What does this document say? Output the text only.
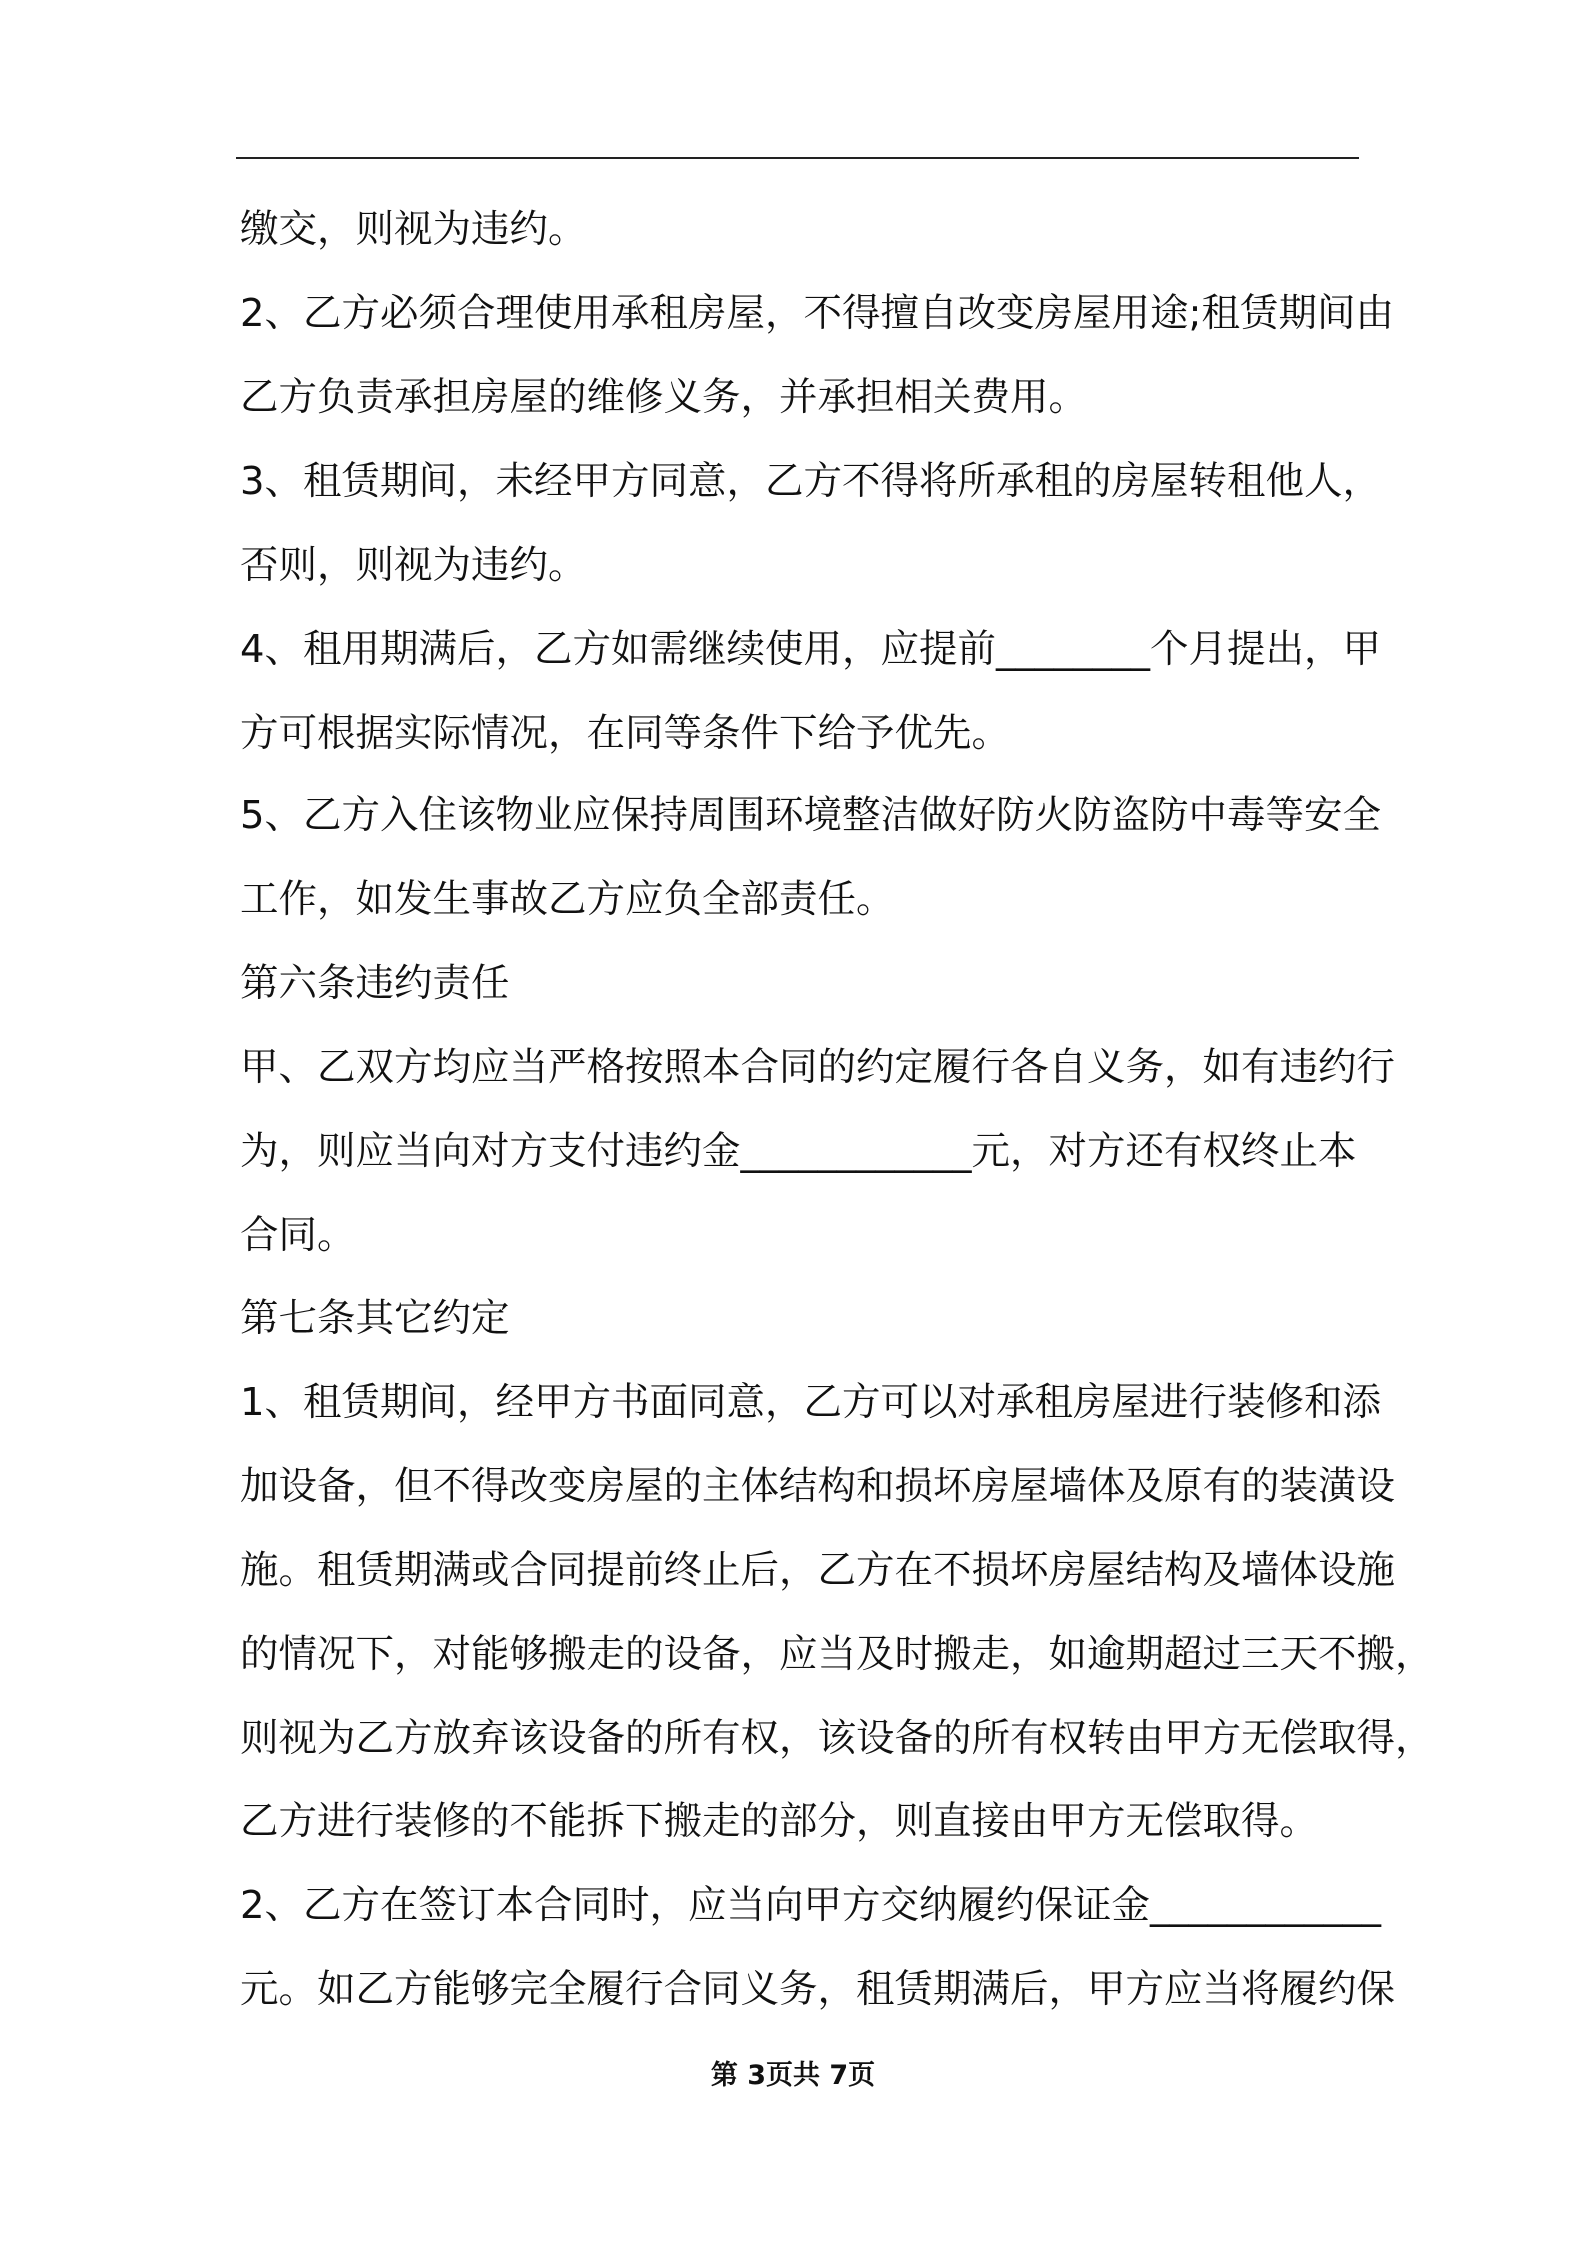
缴交，则视为违约。
2、乙方必须合理使用承租房屋，不得擅自改变房屋用途;租赁期间由
乙方负责承担房屋的维修义务，并承担相关费用。
3、租赁期间，未经甲方同意，乙方不得将所承租的房屋转租他人，
否则，则视为违约。
4、租用期满后，乙方如需继续使用，应提前________个月提出，甲
方可根据实际情况，在同等条件下给予优先。
5、乙方入住该物业应保持周围环境整洁做好防火防盗防中毒等安全
工作，如发生事故乙方应负全部责任。
第六条违约责任
甲、乙双方均应当严格按照本合同的约定履行各自义务，如有违约行
为，则应当向对方支付违约金____________元，对方还有权终止本
合同。
第七条其它约定
1、租赁期间，经甲方书面同意，乙方可以对承租房屋进行装修和添
加设备，但不得改变房屋的主体结构和损坏房屋墙体及原有的装潢设
施。租赁期满或合同提前终止后，乙方在不损坏房屋结构及墙体设施
的情况下，对能够搬走的设备，应当及时搬走，如逾期超过三天不搬，
则视为乙方放弃该设备的所有权，该设备的所有权转由甲方无偿取得，
乙方进行装修的不能拆下搬走的部分，则直接由甲方无偿取得。
2、乙方在签订本合同时，应当向甲方交纳履约保证金____________
元。如乙方能够完全履行合同义务，租赁期满后，甲方应当将履约保
第 3页共 7页
